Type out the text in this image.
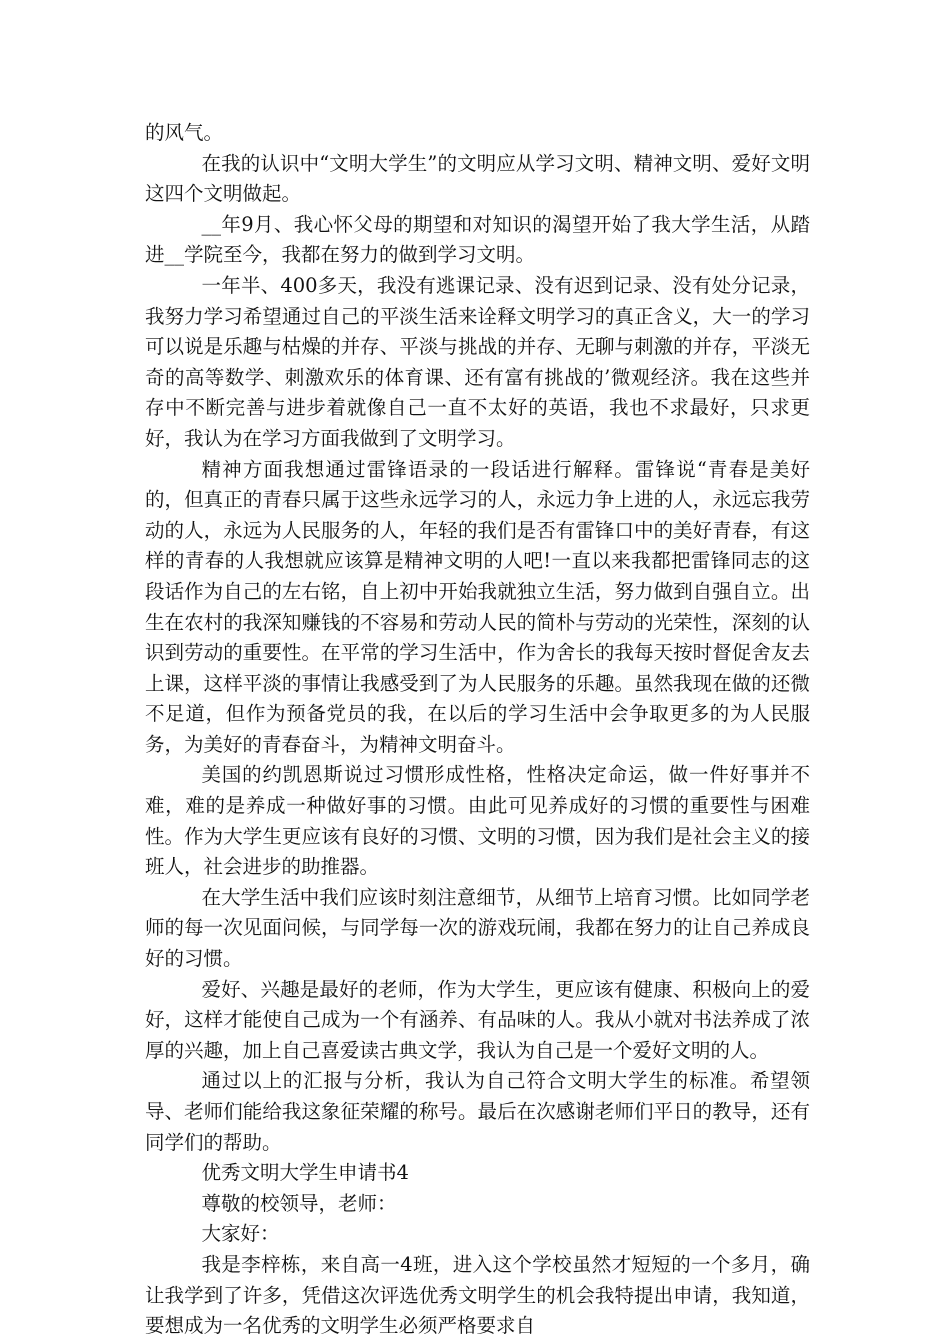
的风气。

在我的认识中“文明大学生”的文明应从学习文明、精神文明、爱好文明这四个文明做起。

__年9月、我心怀父母的期望和对知识的渴望开始了我大学生活，从踏进__学院至今，我都在努力的做到学习文明。

一年半、400多天，我没有逃课记录、没有迟到记录、没有处分记录，我努力学习希望通过自己的平淡生活来诠释文明学习的真正含义，大一的学习可以说是乐趣与枯燥的并存、平淡与挑战的并存、无聊与刺激的并存，平淡无奇的高等数学、刺激欢乐的体育课、还有富有挑战的’微观经济。我在这些并存中不断完善与进步着就像自己一直不太好的英语，我也不求最好，只求更好，我认为在学习方面我做到了文明学习。

精神方面我想通过雷锋语录的一段话进行解释。雷锋说“青春是美好的，但真正的青春只属于这些永远学习的人，永远力争上进的人，永远忘我劳动的人，永远为人民服务的人，年轻的我们是否有雷锋口中的美好青春，有这样的青春的人我想就应该算是精神文明的人吧!一直以来我都把雷锋同志的这段话作为自己的左右铭，自上初中开始我就独立生活，努力做到自强自立。出生在农村的我深知赚钱的不容易和劳动人民的简朴与劳动的光荣性，深刻的认识到劳动的重要性。在平常的学习生活中，作为舍长的我每天按时督促舍友去上课，这样平淡的事情让我感受到了为人民服务的乐趣。虽然我现在做的还微不足道，但作为预备党员的我，在以后的学习生活中会争取更多的为人民服务，为美好的青春奋斗，为精神文明奋斗。

美国的约凯恩斯说过习惯形成性格，性格决定命运，做一件好事并不难，难的是养成一种做好事的习惯。由此可见养成好的习惯的重要性与困难性。作为大学生更应该有良好的习惯、文明的习惯，因为我们是社会主义的接班人，社会进步的助推器。

在大学生活中我们应该时刻注意细节，从细节上培育习惯。比如同学老师的每一次见面问候，与同学每一次的游戏玩闹，我都在努力的让自己养成良好的习惯。

爱好、兴趣是最好的老师，作为大学生，更应该有健康、积极向上的爱好，这样才能使自己成为一个有涵养、有品味的人。我从小就对书法养成了浓厚的兴趣，加上自己喜爱读古典文学，我认为自己是一个爱好文明的人。

通过以上的汇报与分析，我认为自己符合文明大学生的标准。希望领导、老师们能给我这象征荣耀的称号。最后在次感谢老师们平日的教导，还有同学们的帮助。

优秀文明大学生申请书4

尊敬的校领导，老师：

大家好：

我是李梓栋，来自高一4班，进入这个学校虽然才短短的一个多月，确让我学到了许多，凭借这次评选优秀文明学生的机会我特提出申请，我知道，要想成为一名优秀的文明学生必须严格要求自
